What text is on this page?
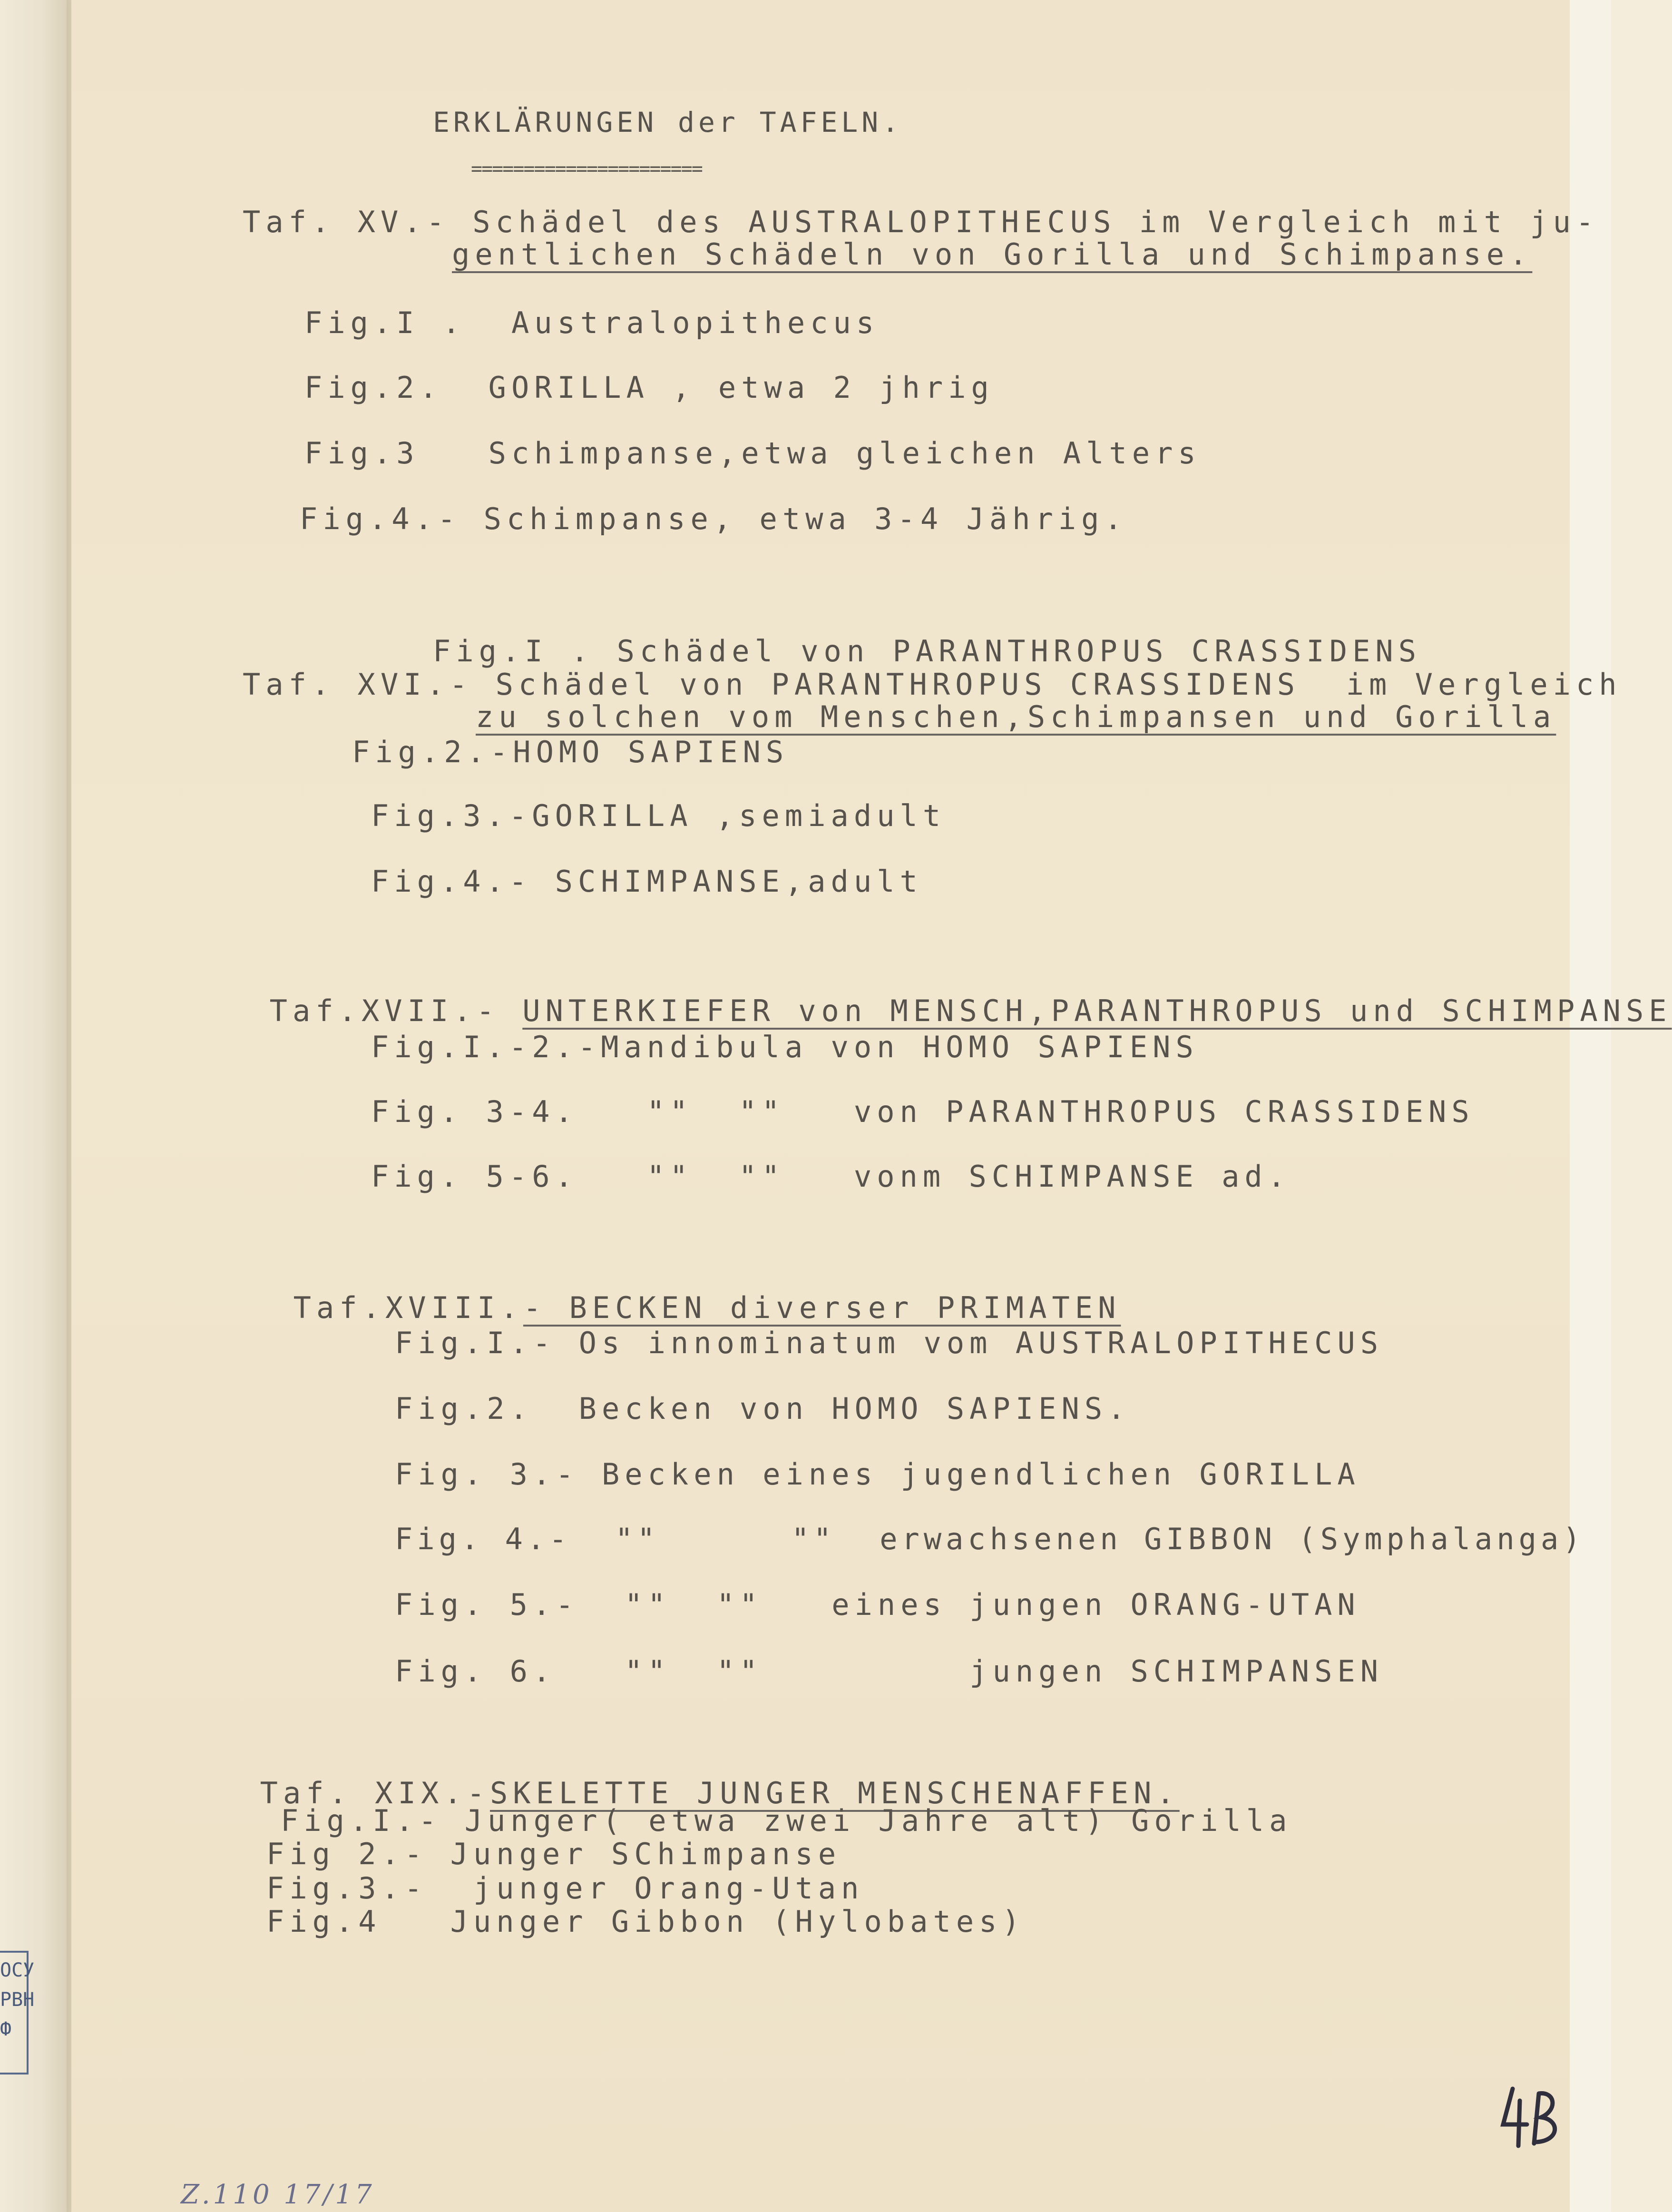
ERKLÄRUNGEN der TAFELN.
======================
Taf. XV.- Schädel des AUSTRALOPITHECUS im Vergleich mit ju-
gentlichen Schädeln von Gorilla und Schimpanse.
Fig.I .  Australopithecus
Fig.2.  GORILLA , etwa 2 jhrig
Fig.3   Schimpanse,etwa gleichen Alters
Fig.4.- Schimpanse, etwa 3-4 Jährig.
Fig.I . Schädel von PARANTHROPUS CRASSIDENS
Taf. XVI.- Schädel von PARANTHROPUS CRASSIDENS  im Vergleich
zu solchen vom Menschen,Schimpansen und Gorilla
Fig.2.-HOMO SAPIENS
Fig.3.-GORILLA ,semiadult
Fig.4.- SCHIMPANSE,adult

Taf.XVII.- UNTERKIEFER von MENSCH,PARANTHROPUS und SCHIMPANSE

Fig.I.-2.-Mandibula von HOMO SAPIENS
Fig. 3-4.   ""  ""   von PARANTHROPUS CRASSIDENS
Fig. 5-6.   ""  ""   vonm SCHIMPANSE ad.

Taf.XVIII.- BECKEN diverser PRIMATEN

Fig.I.- Os innominatum vom AUSTRALOPITHECUS
Fig.2.  Becken von HOMO SAPIENS.
Fig. 3.- Becken eines jugendlichen GORILLA
Fig. 4.-  ""      ""  erwachsenen GIBBON (Symphalanga)
Fig. 5.-  ""  ""   eines jungen ORANG-UTAN
Fig. 6.   ""  ""         jungen SCHIMPANSEN

Taf. XIX.-SKELETTE JUNGER MENSCHENAFFEN.

Fig.I.- Junger( etwa zwei Jahre alt) Gorilla
Fig 2.- Junger SChimpanse
Fig.3.-  junger Orang-Utan
Fig.4   Junger Gibbon (Hylobates)
ОСУ
РВН
Ф
Z.110 17/17
